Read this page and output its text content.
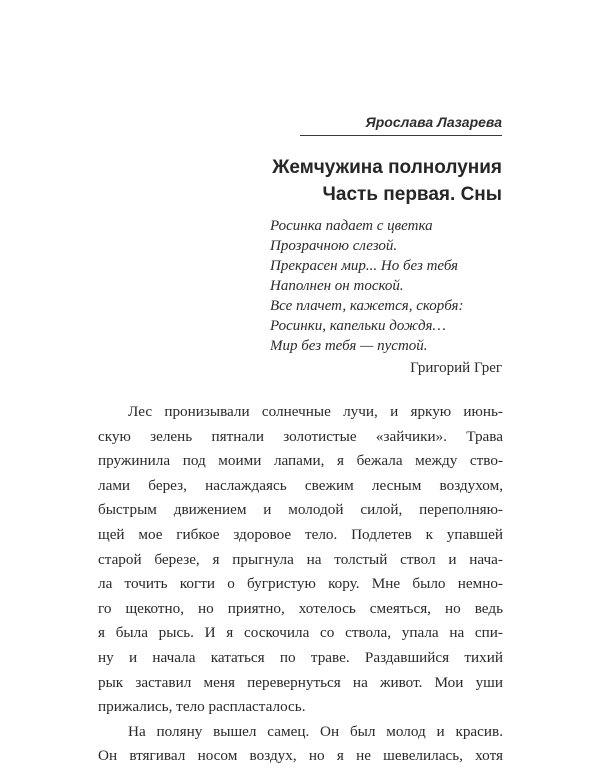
Ярослава Лазарева
Жемчужина полнолуния
Часть первая. Сны
Росинка падает с цветка
Прозрачною слезой.
Прекрасен мир... Но без тебя
Наполнен он тоской.
Все плачет, кажется, скорбя:
Росинки, капельки дождя…
Мир без тебя — пустой.
Григорий Грег
Лес пронизывали солнечные лучи, и яркую июнь-
скую зелень пятнали золотистые «зайчики». Трава
пружинила под моими лапами, я бежала между ство-
лами берез, наслаждаясь свежим лесным воздухом,
быстрым движением и молодой силой, переполняю-
щей мое гибкое здоровое тело. Подлетев к упавшей
старой березе, я прыгнула на толстый ствол и нача-
ла точить когти о бугристую кору. Мне было немно-
го щекотно, но приятно, хотелось смеяться, но ведь
я была рысь. И я соскочила со ствола, упала на спи-
ну и начала кататься по траве. Раздавшийся тихий
рык заставил меня перевернуться на живот. Мои уши
прижались, тело распласталось.
На поляну вышел самец. Он был молод и красив.
Он втягивал носом воздух, но я не шевелилась, хотя
